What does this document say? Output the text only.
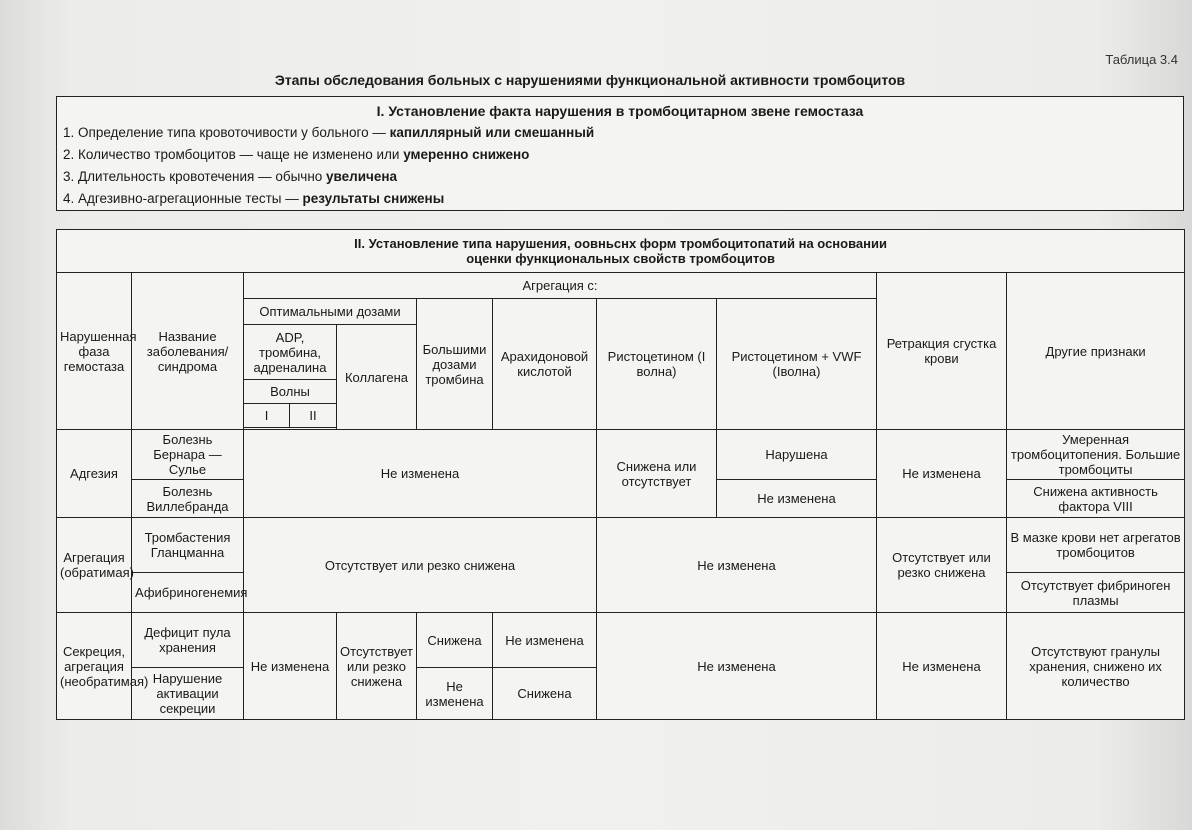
Таблица 3.4
Этапы обследования больных с нарушениями функциональной активности тромбоцитов
I. Установление факта нарушения в тромбоцитарном звене гемостаза
1. Определение типа кровоточивости у больного — капиллярный или смешанный
2. Количество тромбоцитов — чаще не изменено или умеренно снижено
3. Длительность кровотечения — обычно увеличена
4. Адгезивно-агрегационные тесты — результаты снижены
II. Установление типа нарушения, оовньснх форм тромбоцитопатий на основании
оценки функциональных свойств тромбоцитов										

Нарушенная фаза гемостаза	Название заболевания/синдрома	Агрегация с:							Ретракция сгустка крови	Другие признаки
		Оптимальными дозами			Большими дозами тромбина	Арахидоновой кислотой	Ристоцетином (I волна)	Ристоцетином + VWF (Iволна)		
		ADP, тромбина, адреналина		Коллагена						
		Волны								
		I	II							

Адгезия	Болезнь Бернара — Сулье	Не изменена					Снижена или отсутствует	Нарушена	Не изменена	Умеренная тромбоцитопения. Большие тромбоциты
	Болезнь Виллебранда							Не изменена		Снижена активность фактора VIII
Агрегация (обратимая)	Тромбастения Гланцманна	Отсутствует или резко снижена					Не изменена		Отсутствует или резко снижена	В мазке крови нет агрегатов тромбоцитов
	Афибриногенемия									Отсутствует фибриноген плазмы
Секреция, агрегация (необратимая)	Дефицит пула хранения	Не изменена		Отсутствует или резко снижена	Снижена	Не изменена	Не изменена		Не изменена	Отсутствуют гранулы хранения, снижено их количество
	Нарушение активации секреции				Не изменена	Снижена				
